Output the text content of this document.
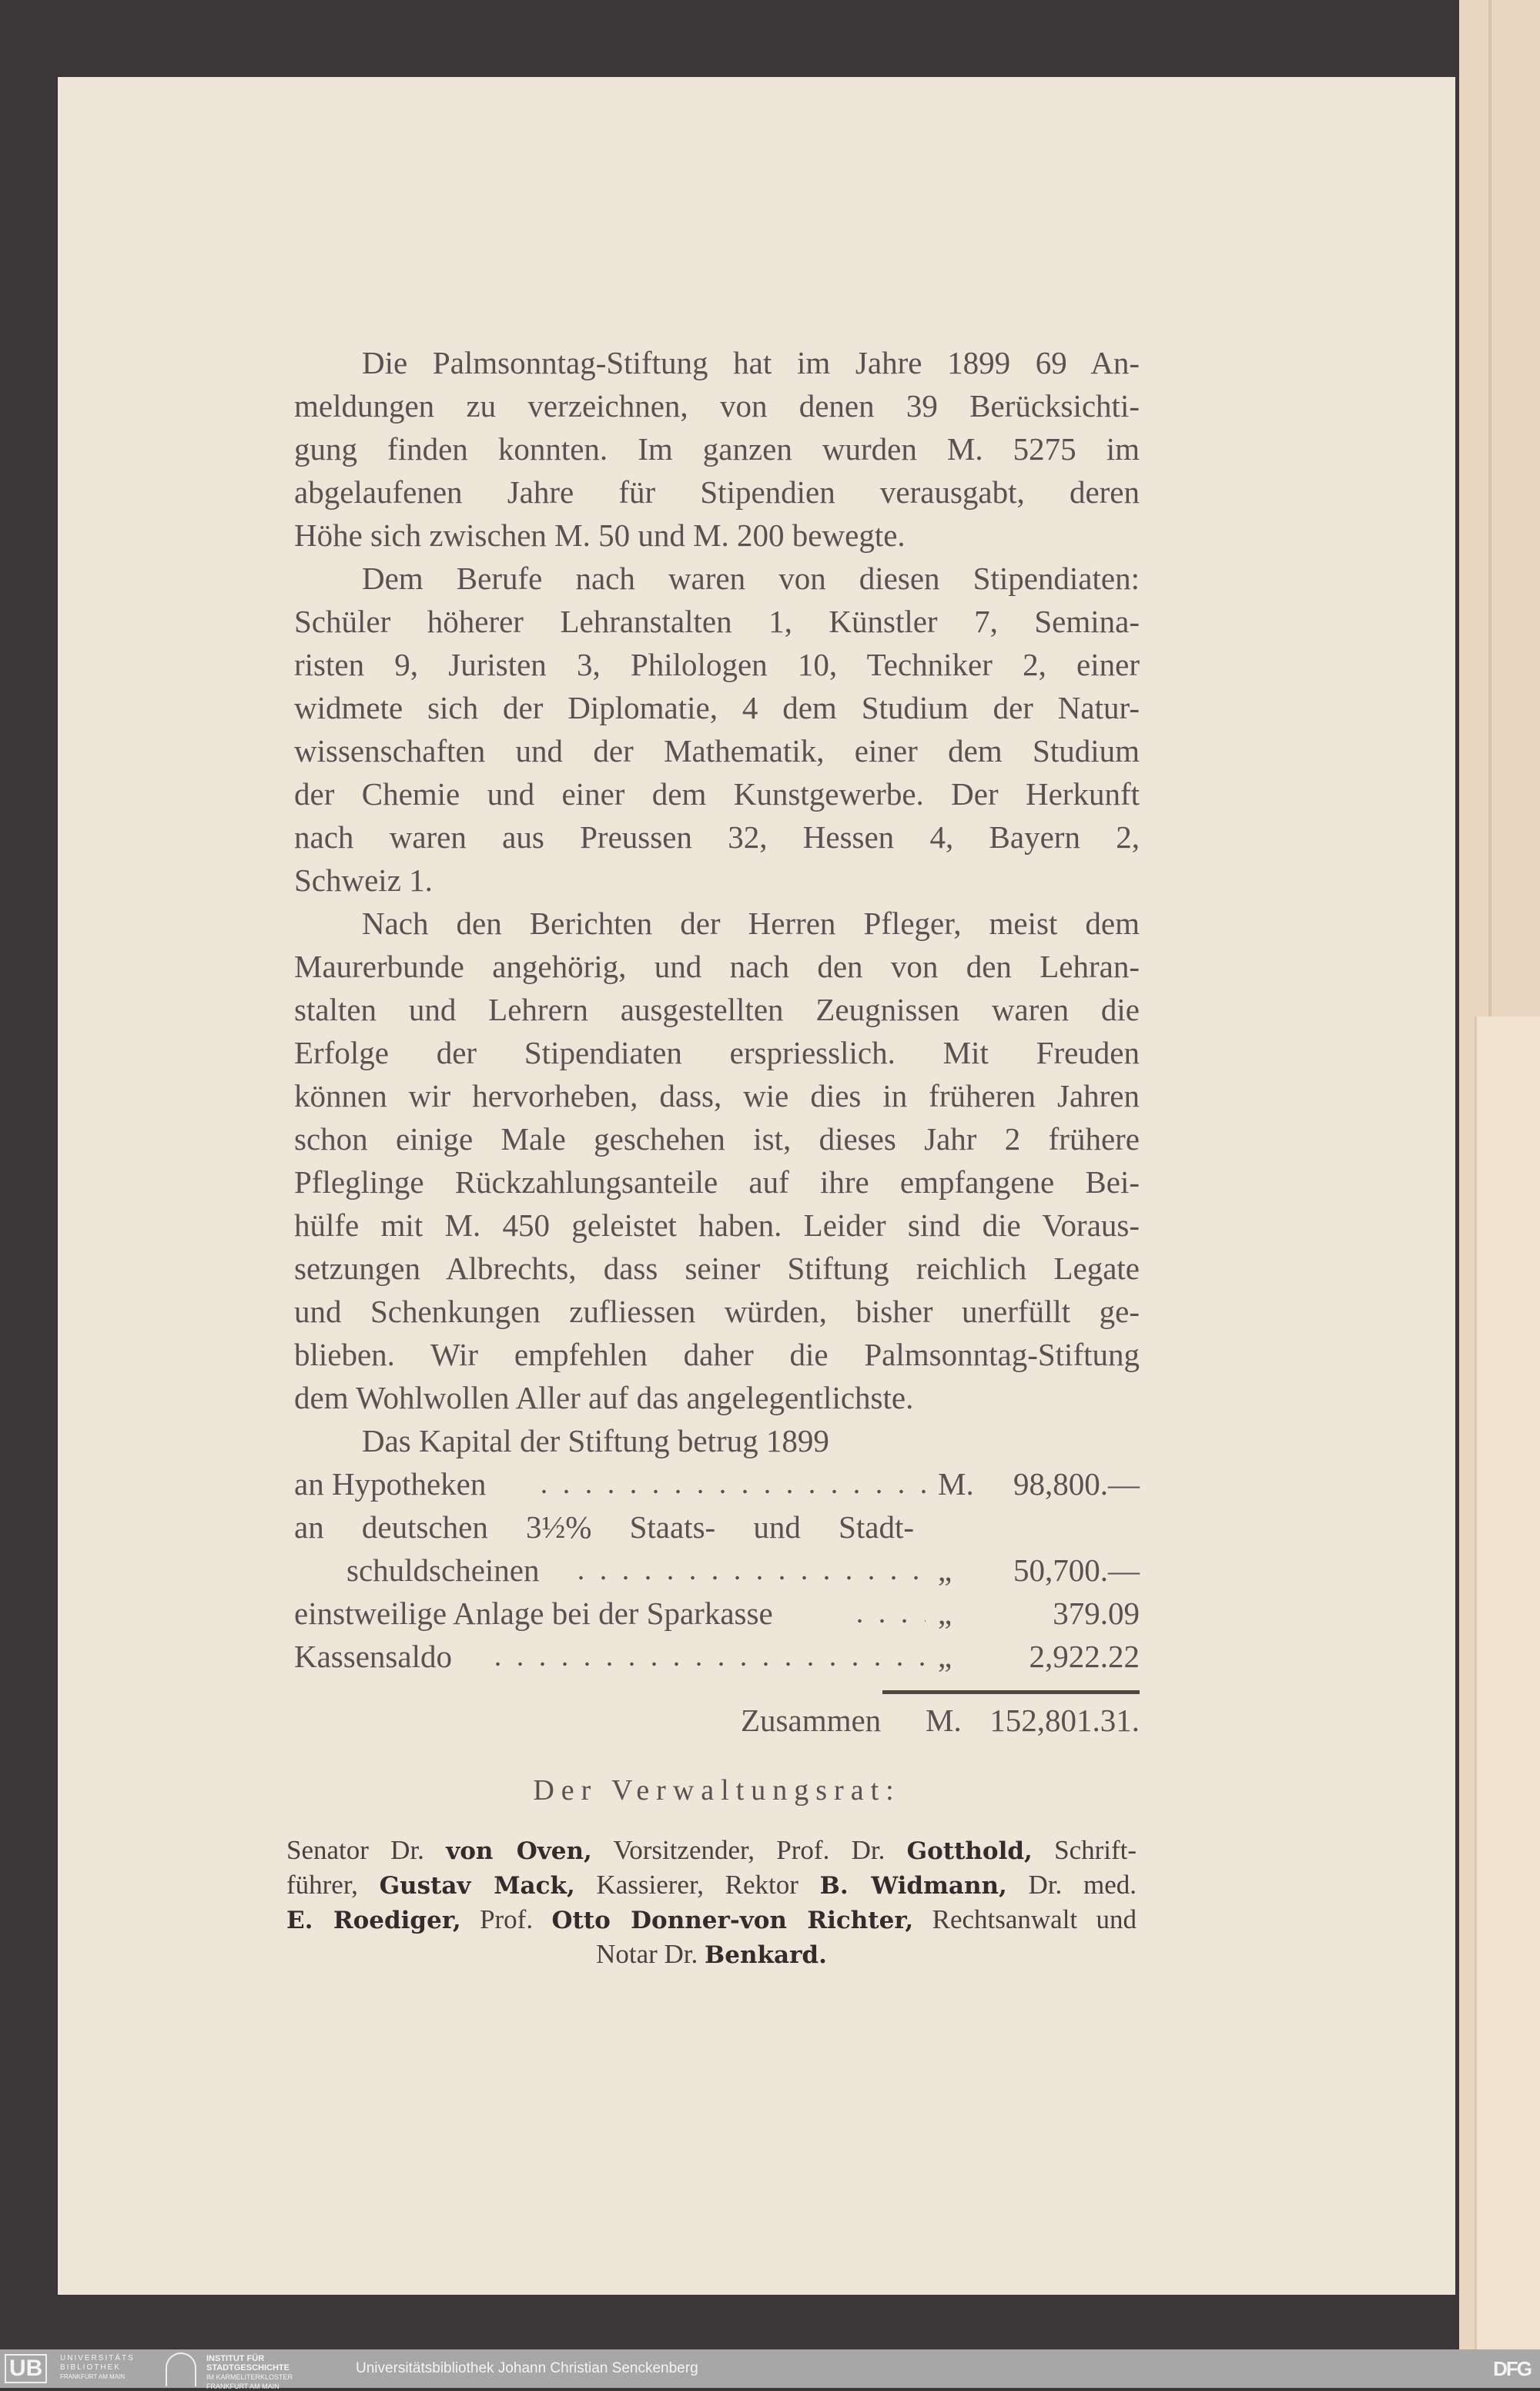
Die Palmsonntag-Stiftung hat im Jahre 1899 69 An-
meldungen zu verzeichnen, von denen 39 Berücksichti-
gung finden konnten. Im ganzen wurden M. 5275 im
abgelaufenen Jahre für Stipendien verausgabt, deren
Höhe sich zwischen M. 50 und M. 200 bewegte.
Dem Berufe nach waren von diesen Stipendiaten:
Schüler höherer Lehranstalten 1, Künstler 7, Semina-
risten 9, Juristen 3, Philologen 10, Techniker 2, einer
widmete sich der Diplomatie, 4 dem Studium der Natur-
wissenschaften und der Mathematik, einer dem Studium
der Chemie und einer dem Kunstgewerbe. Der Herkunft
nach waren aus Preussen 32, Hessen 4, Bayern 2,
Schweiz 1.
Nach den Berichten der Herren Pfleger, meist dem
Maurerbunde angehörig, und nach den von den Lehran-
stalten und Lehrern ausgestellten Zeugnissen waren die
Erfolge der Stipendiaten erspriesslich. Mit Freuden
können wir hervorheben, dass, wie dies in früheren Jahren
schon einige Male geschehen ist, dieses Jahr 2 frühere
Pfleglinge Rückzahlungsanteile auf ihre empfangene Bei-
hülfe mit M. 450 geleistet haben. Leider sind die Voraus-
setzungen Albrechts, dass seiner Stiftung reichlich Legate
und Schenkungen zufliessen würden, bisher unerfüllt ge-
blieben. Wir empfehlen daher die Palmsonntag-Stiftung
dem Wohlwollen Aller auf das angelegentlichste.
Das Kapital der Stiftung betrug 1899
an Hypotheken	M. 98,800.—
an deutschen 3½% Staats- und Stadt-
schuldscheinen	„ 50,700.—
einstweilige Anlage bei der Sparkasse	„	379.09
Kassensaldo	„ 2,922.22
Zusammen M. 152,801.31.
Der Verwaltungsrat:
Senator Dr. von Oven, Vorsitzender, Prof. Dr. Gotthold, Schrift-
führer, Gustav Mack, Kassierer, Rektor B. Widmann, Dr. med.
E. Roediger, Prof. Otto Donner-von Richter, Rechtsanwalt und
Notar Dr. Benkard.
UB	UNIVERSITÄTS
BIBLIOTHEK
FRANKFURT AM MAIN
INSTITUT FÜR
STADTGESCHICHTE
IM KARMELITERKLOSTER
FRANKFURT AM MAIN
Universitätsbibliothek Johann Christian Senckenberg	DFG
